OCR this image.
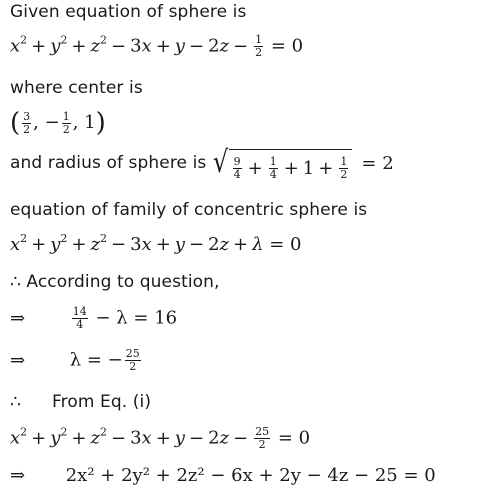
Given equation of sphere is
$x^2 + y^2 + z^2 - 3x + y - 2z - \frac{1}{2} = 0$
where center is
( $\frac{3}{2}$ , − $\frac{1}{2}$ , 1)
and radius of sphere is √ $\frac{9}{4} + \frac{1}{4} + 1 + \frac{1}{2} = 2$
equation of family of concentric sphere is
$x^2 + y^2 + z^2 - 3x + y - 2z + \lambda = 0$
∴ According to question,
⇒	$\frac{14}{4} - \lambda = 16$
⇒ λ = − $\frac{25}{2}$
∴ From Eq. (i)
$x^2 + y^2 + z^2 - 3x + y - 2z - \frac{25}{2} = 0$
⇒ 2x² + 2y² + 2z² − 6x + 2y − 4z − 25 = 0
